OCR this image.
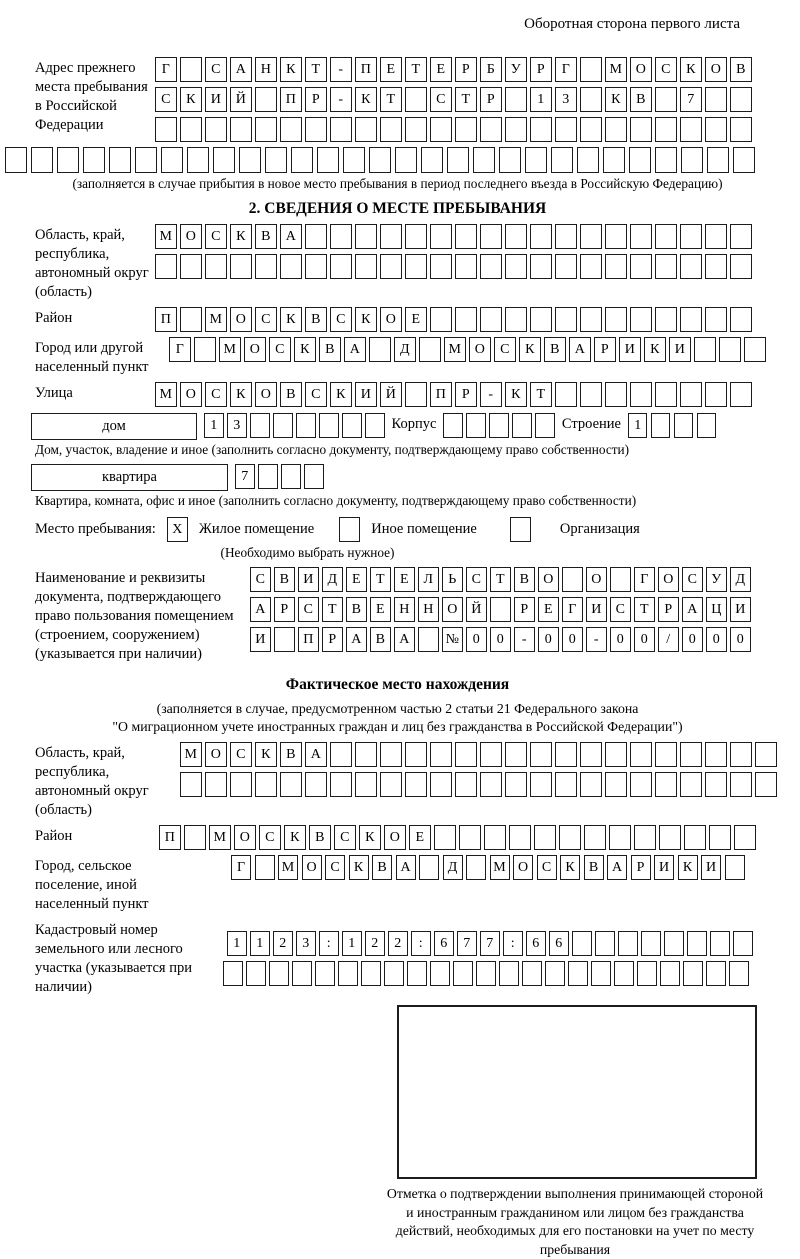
Оборотная сторона первого листа
Адрес прежнего места пребывания в Российской Федерации
Г	С	А	Н	К	Т	-	П	Е	Т	Е	Р	Б	У	Р	Г	М О	С	К	О	В
С	К	И	Й	П	Р	-	К	Т	С	Т	Р	1	3	К	В	7
(заполняется в случае прибытия в новое место пребывания в период последнего въезда в Российскую Федерацию)
2. СВЕДЕНИЯ О МЕСТЕ ПРЕБЫВАНИЯ
Область, край, республика, автономный округ (область)
М О	С	К	В	А
Район	П	М О	С	К	В	С	К	О	Е
Город или другой населенный пункт
Г	М О	С	К	В	А	Д	М О	С	К	В	А	Р	И	К	И
Улица	М О	С	К	О	В	С	К	И	Й	П	Р	-	К	Т
дом	1	3	Корпус	Строение 1
Дом, участок, владение и иное (заполнить согласно документу, подтверждающему право собственности)
квартира	7
Квартира, комната, офис и иное (заполнить согласно документу, подтверждающему право собственности)
Место пребывания:	X	Жилое помещение	Иное помещение	Организация
(Необходимо выбрать нужное)
Наименование и реквизиты документа, подтверждающего право пользования помещением (строением, сооружением) (указывается при наличии)
С	В	И	Д	Е	Т	Е	Л	Ь	С	Т	В	О	О	Г	О	С	У	Д
А	Р	С	Т	В	Е	Н Н О Й	Р	Е	Г	И	С	Т	Р	А Ц И
И	П	Р	А	В	А	№ 0	0	-	0	0	-	0	0	/	0	0	0
Фактическое место нахождения
(заполняется в случае, предусмотренном частью 2 статьи 21 Федерального закона
"О миграционном учете иностранных граждан и лиц без гражданства в Российской Федерации")
Область, край, республика, автономный округ (область)
М О	С	К	В	А
Район	П	М О	С	К	В	С	К	О	Е
Город, сельское поселение, иной населенный пункт
Г	М О С	К	В А	Д	М О С	К	В А	Р	И К И
Кадастровый номер земельного или лесного участка (указывается при наличии)
1	1	2	3	:	1	2	2	:	6	7	7	:	6	6
Отметка о подтверждении выполнения принимающей стороной и иностранным гражданином или лицом без гражданства действий, необходимых для его постановки на учет по месту пребывания
